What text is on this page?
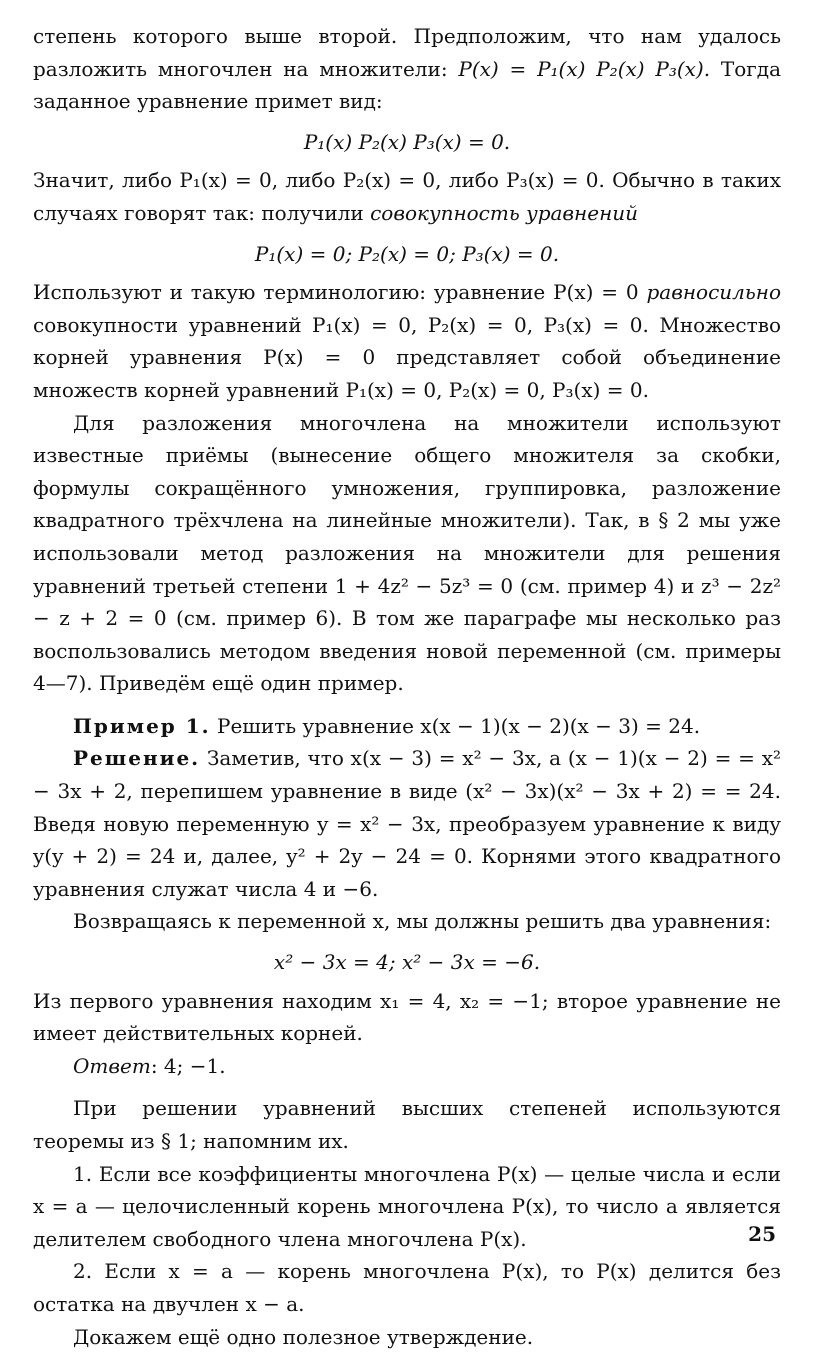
степень которого выше второй. Предположим, что нам удалось разложить многочлен на множители: P(x) = P₁(x) P₂(x) P₃(x). Тогда заданное уравнение примет вид:

P₁(x) P₂(x) P₃(x) = 0.

Значит, либо P₁(x) = 0, либо P₂(x) = 0, либо P₃(x) = 0. Обычно в таких случаях говорят так: получили совокупность уравнений

P₁(x) = 0; P₂(x) = 0; P₃(x) = 0.

Используют и такую терминологию: уравнение P(x) = 0 равносильно совокупности уравнений P₁(x) = 0, P₂(x) = 0, P₃(x) = 0. Множество корней уравнения P(x) = 0 представляет собой объединение множеств корней уравнений P₁(x) = 0, P₂(x) = 0, P₃(x) = 0.

Для разложения многочлена на множители используют известные приёмы (вынесение общего множителя за скобки, формулы сокращённого умножения, группировка, разложение квадратного трёхчлена на линейные множители). Так, в § 2 мы уже использовали метод разложения на множители для решения уравнений третьей степени 1 + 4z² − 5z³ = 0 (см. пример 4) и z³ − 2z² − z + 2 = 0 (см. пример 6). В том же параграфе мы несколько раз воспользовались методом введения новой переменной (см. примеры 4—7). Приведём ещё один пример.

Пример 1. Решить уравнение x(x − 1)(x − 2)(x − 3) = 24.

Решение. Заметив, что x(x − 3) = x² − 3x, а (x − 1)(x − 2) = = x² − 3x + 2, перепишем уравнение в виде (x² − 3x)(x² − 3x + 2) = = 24. Введя новую переменную y = x² − 3x, преобразуем уравнение к виду y(y + 2) = 24 и, далее, y² + 2y − 24 = 0. Корнями этого квадратного уравнения служат числа 4 и −6.

Возвращаясь к переменной x, мы должны решить два уравнения:

x² − 3x = 4; x² − 3x = −6.

Из первого уравнения находим x₁ = 4, x₂ = −1; второе уравнение не имеет действительных корней.

Ответ: 4; −1.

При решении уравнений высших степеней используются теоремы из § 1; напомним их.

1. Если все коэффициенты многочлена P(x) — целые числа и если x = a — целочисленный корень многочлена P(x), то число a является делителем свободного члена многочлена P(x).

2. Если x = a — корень многочлена P(x), то P(x) делится без остатка на двучлен x − a.

Докажем ещё одно полезное утверждение.

25
